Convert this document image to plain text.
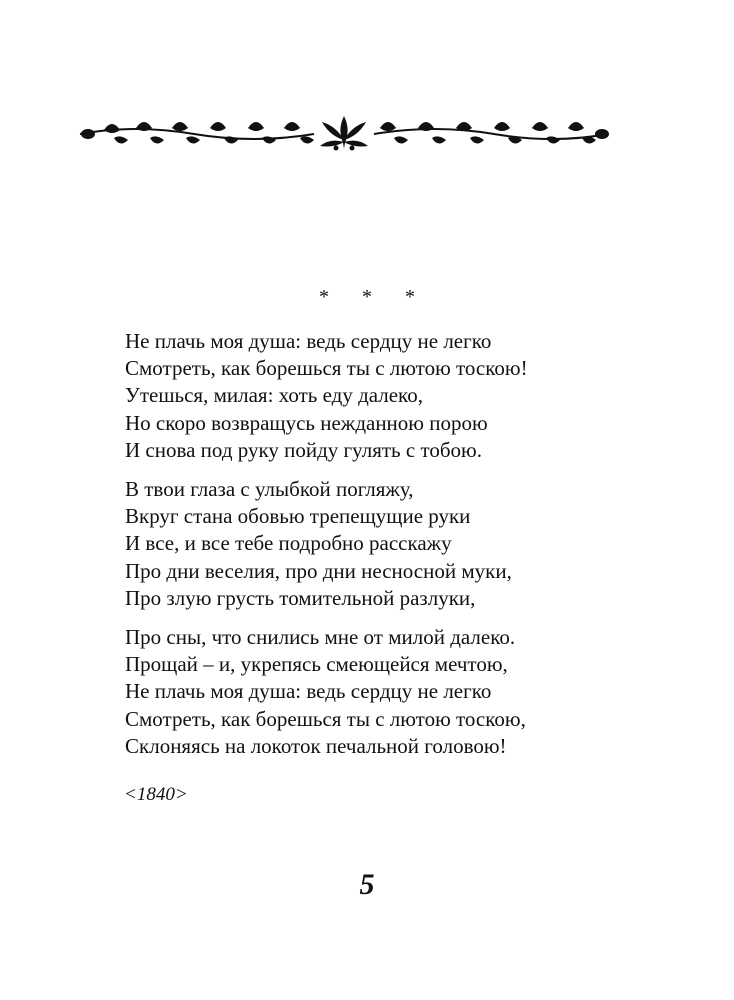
* * *
Не плачь моя душа: ведь сердцу не легко
Смотреть, как борешься ты с лютою тоскою!
Утешься, милая: хоть еду далеко,
Но скоро возвращусь нежданною порою
И снова под руку пойду гулять с тобою.
В твои глаза с улыбкой погляжу,
Вкруг стана обовью трепещущие руки
И все, и все тебе подробно расскажу
Про дни веселия, про дни несносной муки,
Про злую грусть томительной разлуки,
Про сны, что снились мне от милой далеко.
Прощай – и, укрепясь смеющейся мечтою,
Не плачь моя душа: ведь сердцу не легко
Смотреть, как борешься ты с лютою тоскою,
Склоняясь на локоток печальной головою!
<1840>
5
